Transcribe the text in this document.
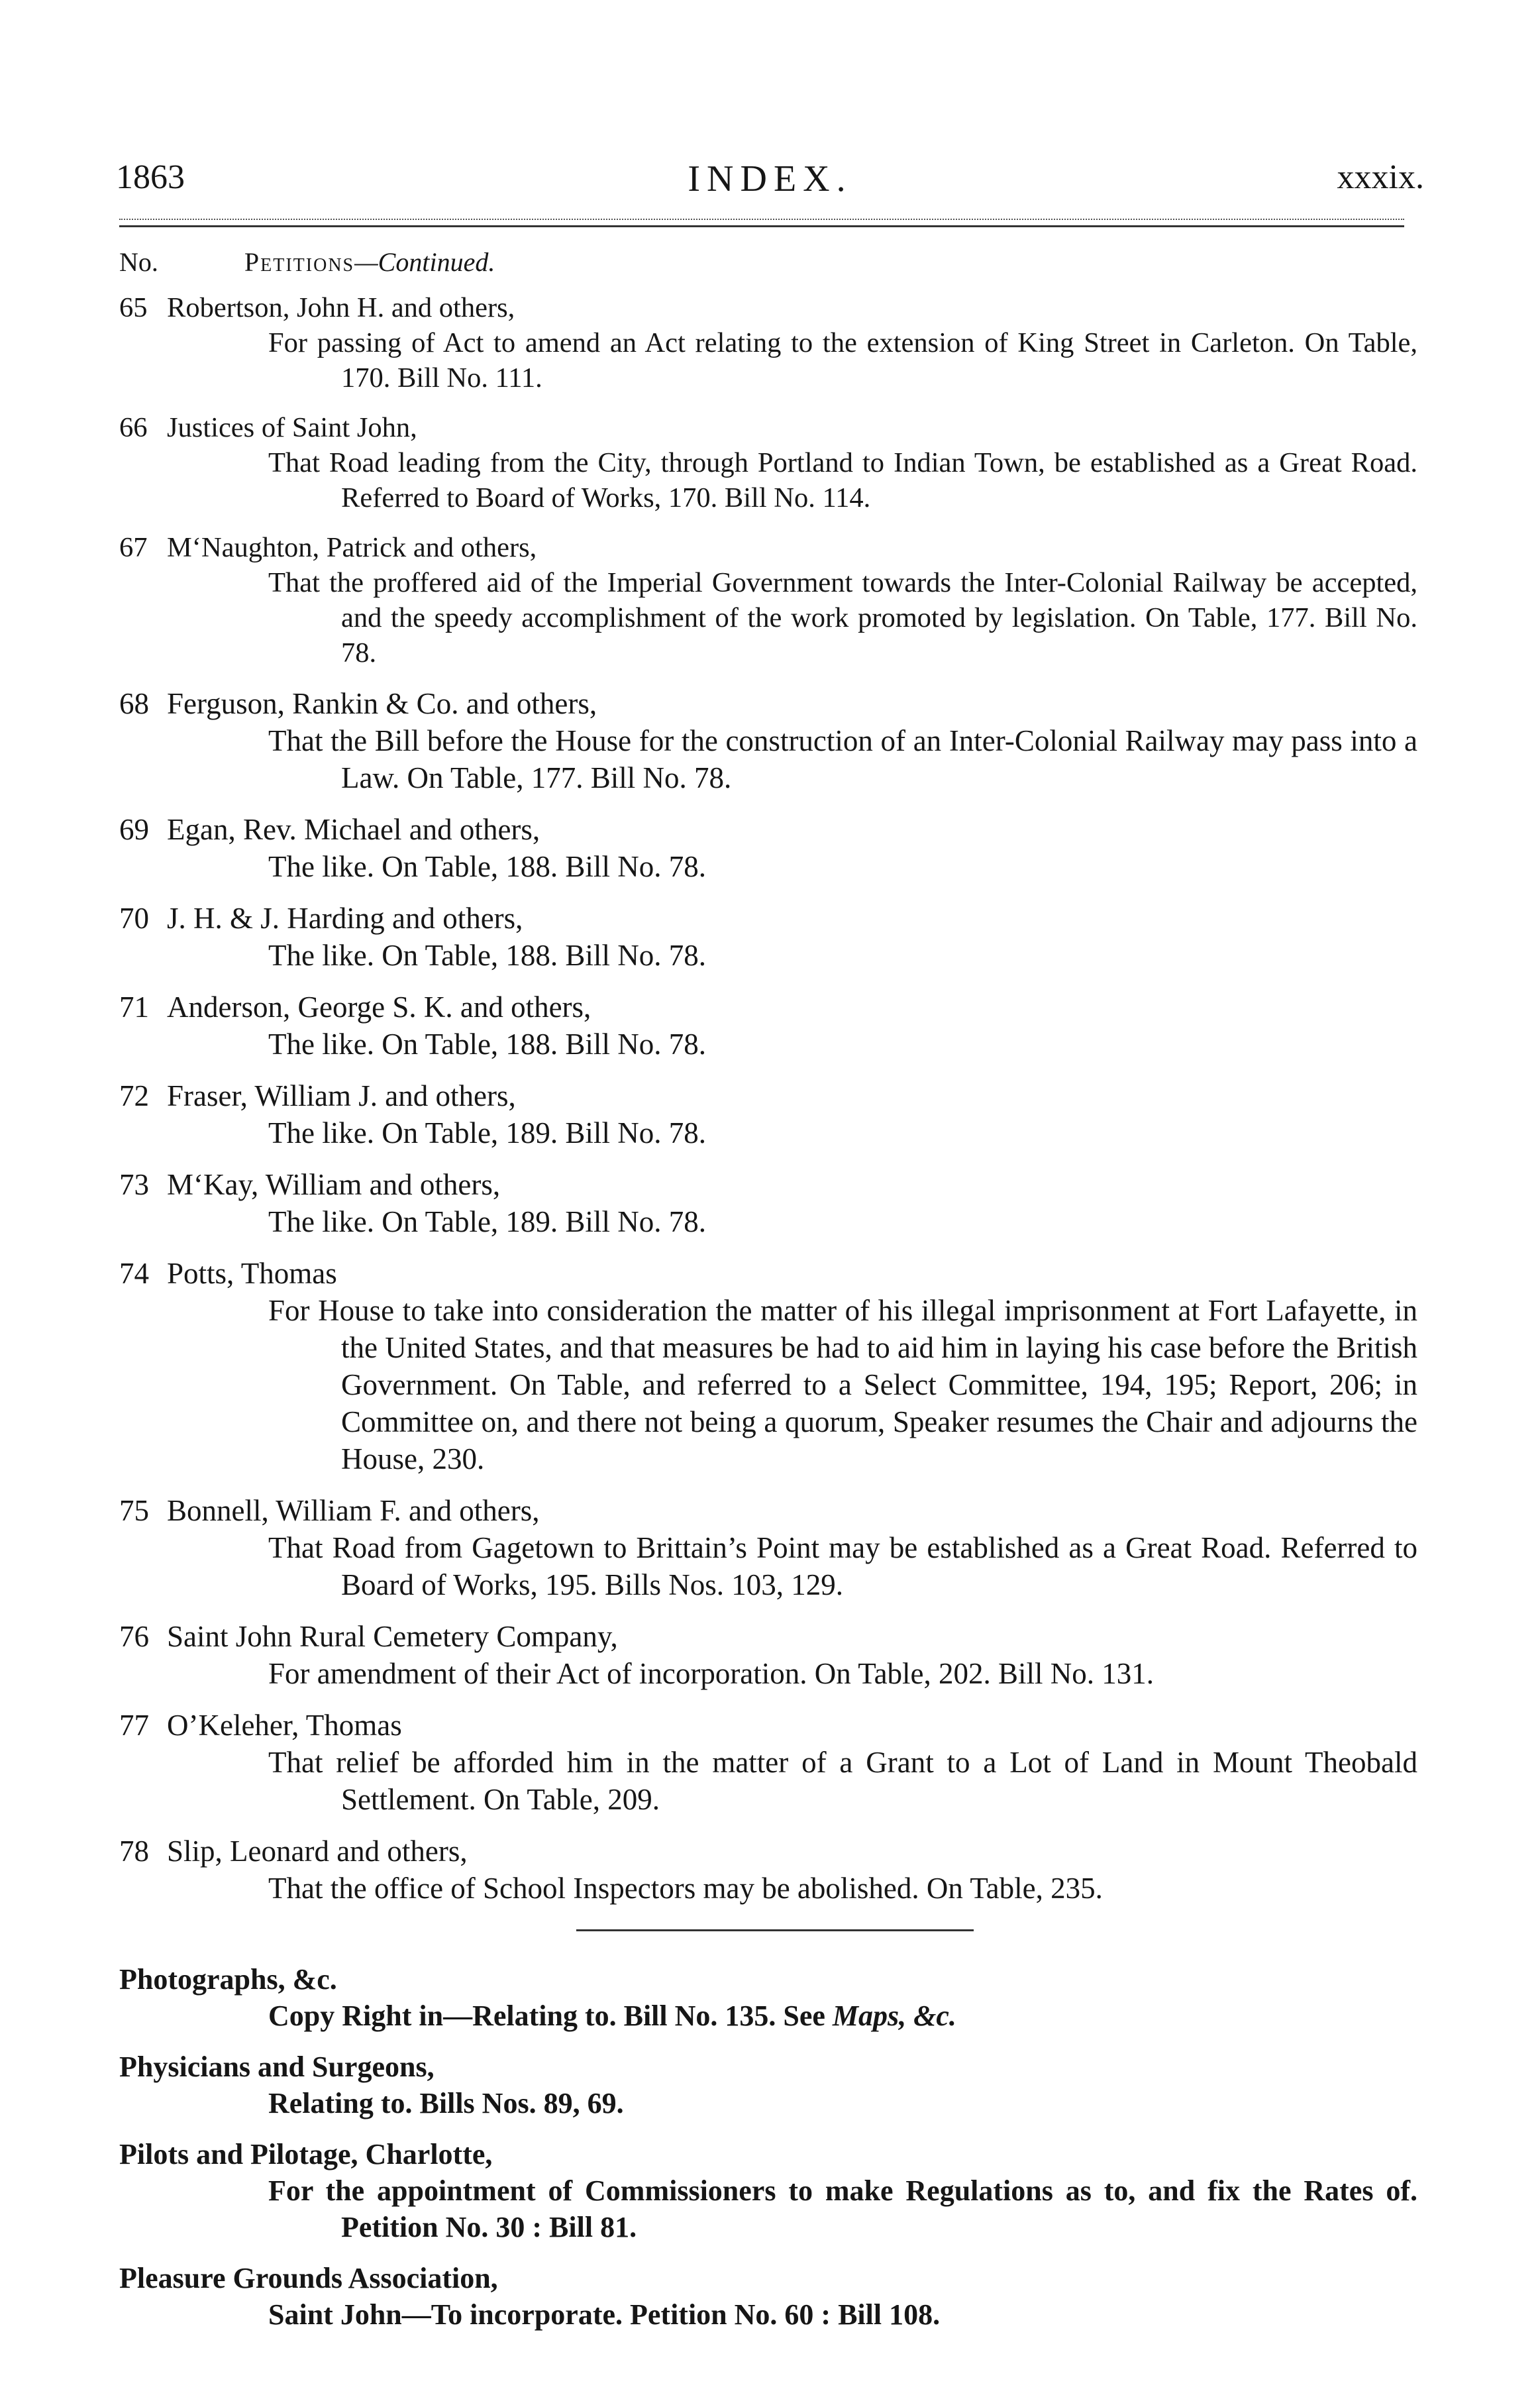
1863	INDEX.	xxxix.
No.	Petitions—Continued.
65 Robertson, John H. and others,
For passing of Act to amend an Act relating to the extension of King Street in Carleton. On Table, 170. Bill No. 111.
66 Justices of Saint John,
That Road leading from the City, through Portland to Indian Town, be established as a Great Road. Referred to Board of Works, 170. Bill No. 114.
67 M‘Naughton, Patrick and others,
That the proffered aid of the Imperial Government towards the Inter-Colonial Railway be accepted, and the speedy accomplishment of the work promoted by legislation. On Table, 177. Bill No. 78.
68 Ferguson, Rankin & Co. and others,
That the Bill before the House for the construction of an Inter-Colonial Railway may pass into a Law. On Table, 177. Bill No. 78.
69 Egan, Rev. Michael and others,
The like. On Table, 188. Bill No. 78.
70 J. H. & J. Harding and others,
The like. On Table, 188. Bill No. 78.
71 Anderson, George S. K. and others,
The like. On Table, 188. Bill No. 78.
72 Fraser, William J. and others,
The like. On Table, 189. Bill No. 78.
73 M‘Kay, William and others,
The like. On Table, 189. Bill No. 78.
74 Potts, Thomas
For House to take into consideration the matter of his illegal imprisonment at Fort Lafayette, in the United States, and that measures be had to aid him in laying his case before the British Government. On Table, and referred to a Select Committee, 194, 195; Report, 206; in Committee on, and there not being a quorum, Speaker resumes the Chair and adjourns the House, 230.
75 Bonnell, William F. and others,
That Road from Gagetown to Brittain’s Point may be established as a Great Road. Referred to Board of Works, 195. Bills Nos. 103, 129.
76 Saint John Rural Cemetery Company,
For amendment of their Act of incorporation. On Table, 202. Bill No. 131.
77 O’Keleher, Thomas
That relief be afforded him in the matter of a Grant to a Lot of Land in Mount Theobald Settlement. On Table, 209.
78 Slip, Leonard and others,
That the office of School Inspectors may be abolished. On Table, 235.
Photographs, &c.
Copy Right in—Relating to. Bill No. 135. See Maps, &c.
Physicians and Surgeons,
Relating to. Bills Nos. 89, 69.
Pilots and Pilotage, Charlotte,
For the appointment of Commissioners to make Regulations as to, and fix the Rates of. Petition No. 30 : Bill 81.
Pleasure Grounds Association,
Saint John—To incorporate. Petition No. 60 : Bill 108.
